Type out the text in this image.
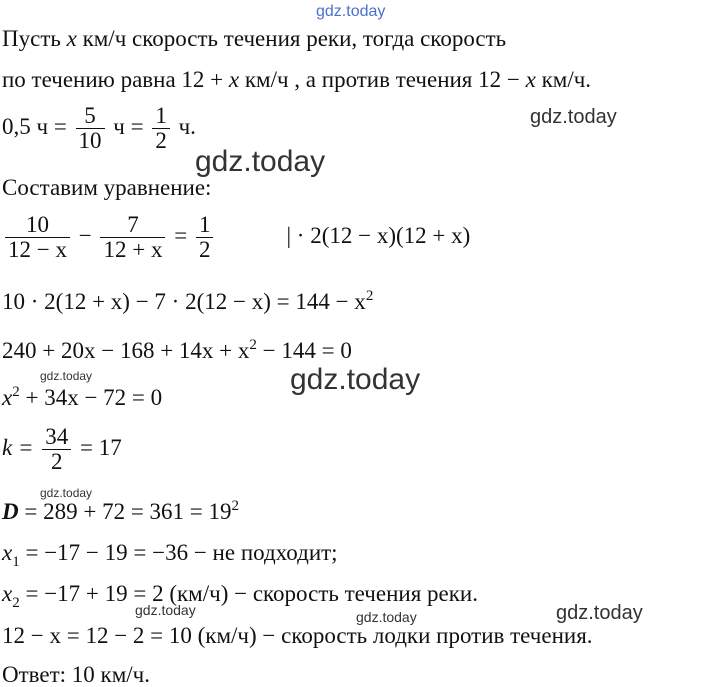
gdz.today
gdz.today
gdz.today
gdz.today
gdz.today
gdz.today
gdz.today	gdz.today	gdz.today
Пусть x км/ч скорость течения реки, тогда скорость
по течению равна 12 + x км/ч , а против течения 12 − x км/ч.
0,5 $ч = \frac{5}{10}$ $ч = \frac{1}{2} ч$.
Составим уравнение:
$\frac{10}{12 - x} - \frac{7}{12 + x} = \frac{1}{2}$	| · 2(12 − x)(12 + x)
$10 \cdot 2(12 + x) - 7 \cdot 2(12 - x) = 144 - x^2$
$240 + 20x - 168 + 14x + x^2 - 144 = 0$
$x^2 + 34x - 72 = 0$
$k = \frac{34}{2} = 17$
$D = 289 + 72 = 361 = 19^2$
$x_1 = -17 - 19 = -36$ − не подходит;
$x_2 = -17 + 19 = 2$ (км/ч) − скорость течения реки.
12 − x = 12 − 2 = 10 (км/ч) − скорость лодки против течения.
Ответ: 10 км/ч.
